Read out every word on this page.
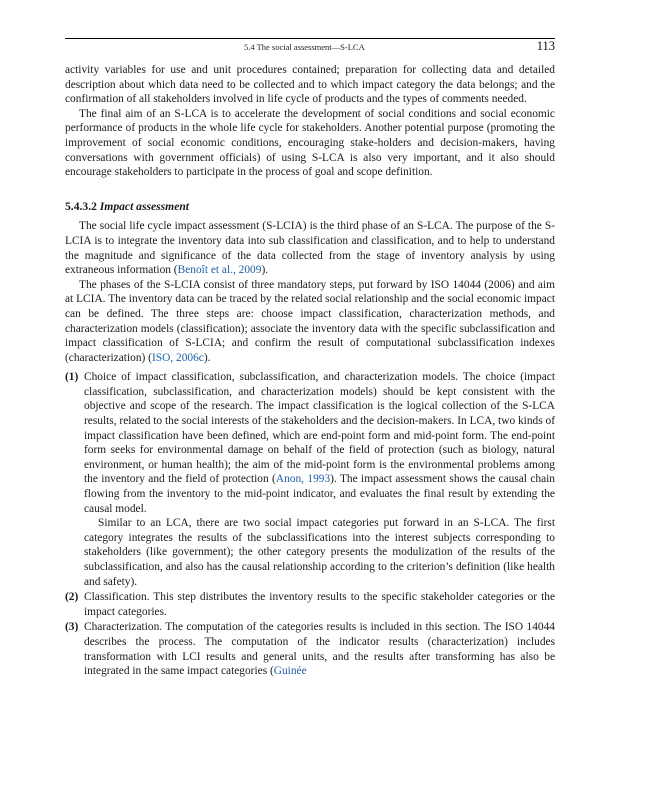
5.4 The social assessment—S-LCA	113

activity variables for use and unit procedures contained; preparation for collecting data and detailed description about which data need to be collected and to which impact category the data belongs; and the confirmation of all stakeholders involved in life cycle of products and the types of comments needed.

The final aim of an S-LCA is to accelerate the development of social conditions and social economic performance of products in the whole life cycle for stakeholders. Another potential purpose (promoting the improvement of social economic conditions, encouraging stake-holders and decision-makers, having conversations with government officials) of using S-LCA is also very important, and it also should encourage stakeholders to participate in the process of goal and scope definition.

5.4.3.2 Impact assessment

The social life cycle impact assessment (S-LCIA) is the third phase of an S-LCA. The purpose of the S-LCIA is to integrate the inventory data into sub classification and classification, and to help to understand the magnitude and significance of the data collected from the stage of inventory analysis by using extraneous information (Benoît et al., 2009).

The phases of the S-LCIA consist of three mandatory steps, put forward by ISO 14044 (2006) and aim at LCIA. The inventory data can be traced by the related social relationship and the social economic impact can be defined. The three steps are: choose impact classification, characterization methods, and characterization models (classification); associate the inventory data with the specific subclassification and impact classification of S-LCIA; and confirm the result of computational subclassification indexes (characterization) (ISO, 2006c).

(1) Choice of impact classification, subclassification, and characterization models. The choice (impact classification, subclassification, and characterization models) should be kept consistent with the objective and scope of the research. The impact classification is the logical collection of the S-LCA results, related to the social interests of the stakeholders and the decision-makers. In LCA, two kinds of impact classification have been defined, which are end-point form and mid-point form. The end-point form seeks for environmental damage on behalf of the field of protection (such as biology, natural environment, or human health); the aim of the mid-point form is the environmental problems among the inventory and the field of protection (Anon, 1993). The impact assessment shows the causal chain flowing from the inventory to the mid-point indicator, and evaluates the final result by extending the causal model.

Similar to an LCA, there are two social impact categories put forward in an S-LCA. The first category integrates the results of the subclassifications into the interest subjects corresponding to stakeholders (like government); the other category presents the modulization of the results of the subclassification, and also has the causal relationship according to the criterion’s definition (like health and safety).

(2) Classification. This step distributes the inventory results to the specific stakeholder categories or the impact categories.

(3) Characterization. The computation of the categories results is included in this section. The ISO 14044 describes the process. The computation of the indicator results (characterization) includes transformation with LCI results and general units, and the results after transforming has also be integrated in the same impact categories (Guinée
